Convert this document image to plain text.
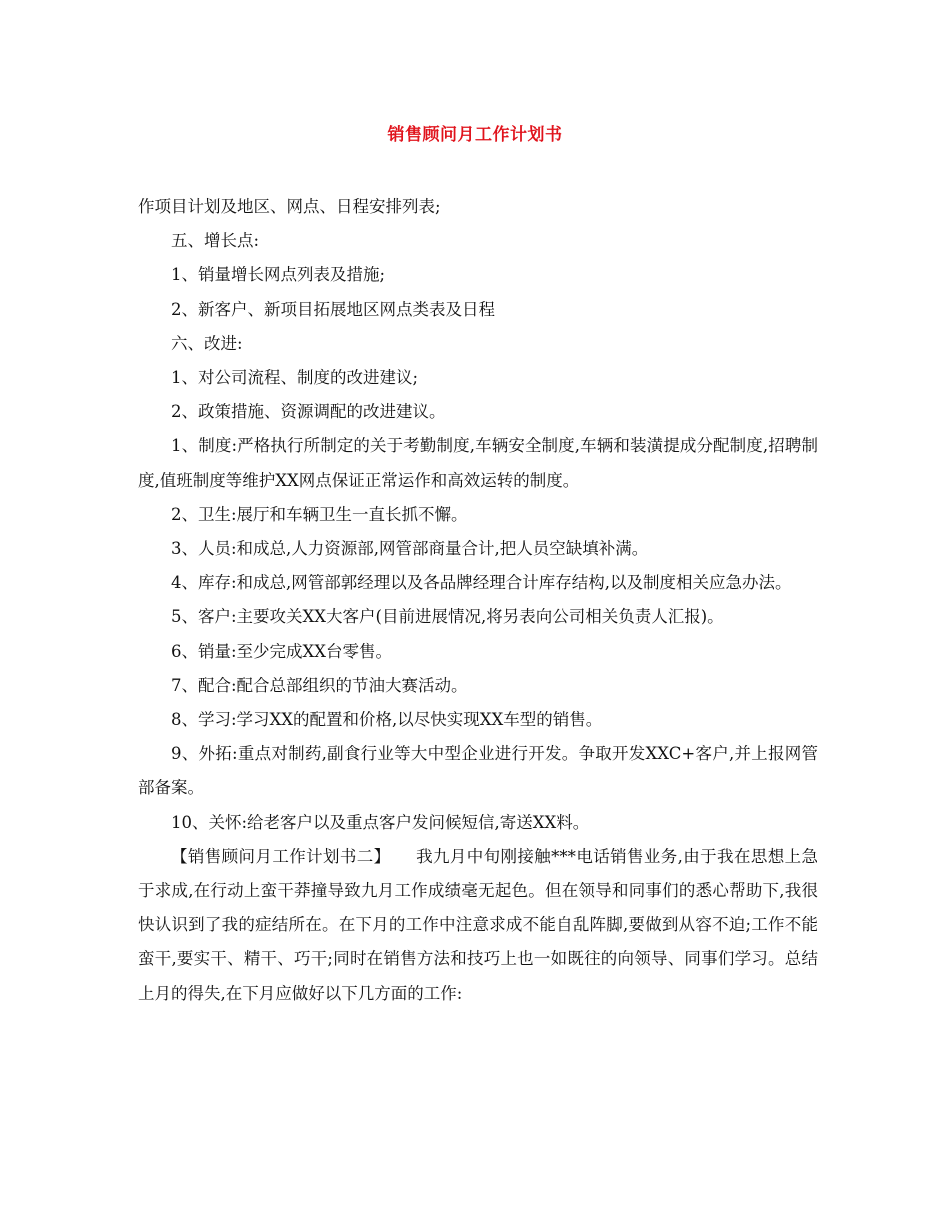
销售顾问月工作计划书

作项目计划及地区、网点、日程安排列表;

五、增长点:

1、销量增长网点列表及措施;

2、新客户、新项目拓展地区网点类表及日程

六、改进:

1、对公司流程、制度的改进建议;

2、政策措施、资源调配的改进建议。

1、制度:严格执行所制定的关于考勤制度,车辆安全制度,车辆和装潢提成分配制度,招聘制度,值班制度等维护XX网点保证正常运作和高效运转的制度。

2、卫生:展厅和车辆卫生一直长抓不懈。

3、人员:和成总,人力资源部,网管部商量合计,把人员空缺填补满。

4、库存:和成总,网管部郭经理以及各品牌经理合计库存结构,以及制度相关应急办法。

5、客户:主要攻关XX大客户(目前进展情况,将另表向公司相关负责人汇报)。

6、销量:至少完成XX台零售。

7、配合:配合总部组织的节油大赛活动。

8、学习:学习XX的配置和价格,以尽快实现XX车型的销售。

9、外拓:重点对制药,副食行业等大中型企业进行开发。争取开发XXC+客户,并上报网管部备案。

10、关怀:给老客户以及重点客户发问候短信,寄送XX料。

【销售顾问月工作计划书二】　　我九月中旬刚接触***电话销售业务,由于我在思想上急于求成,在行动上蛮干莽撞导致九月工作成绩毫无起色。但在领导和同事们的悉心帮助下,我很快认识到了我的症结所在。在下月的工作中注意求成不能自乱阵脚,要做到从容不迫;工作不能蛮干,要实干、精干、巧干;同时在销售方法和技巧上也一如既往的向领导、同事们学习。总结上月的得失,在下月应做好以下几方面的工作:
